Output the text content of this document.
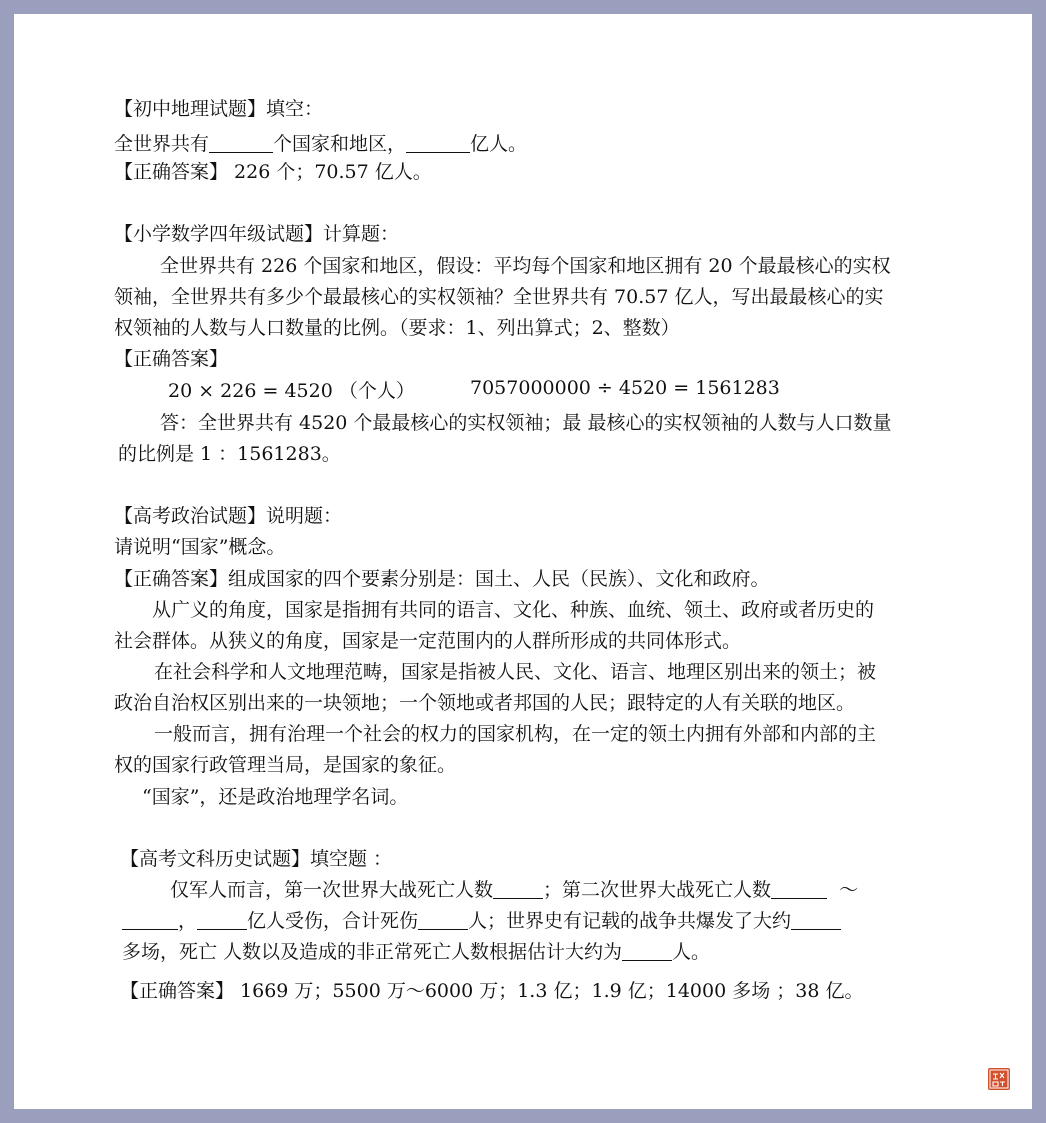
【初中地理试题】填空：
全世界共有	个国家和地区，	亿人。
【正确答案】 226 个；70.57 亿人。
【小学数学四年级试题】计算题：
全世界共有 226 个国家和地区，假设：平均每个国家和地区拥有 20 个最最核心的实权
领袖，全世界共有多少个最最核心的实权领袖？全世界共有 70.57 亿人，写出最最核心的实
权领袖的人数与人口数量的比例。（要求：1、列出算式；2、整数）
【正确答案】
20 × 226 = 4520 （个人）	7057000000 ÷ 4520 = 1561283
答：全世界共有 4520 个最最核心的实权领袖；最 最核心的实权领袖的人数与人口数量
的比例是 1 ：1561283。
【高考政治试题】说明题：
请说明“国家”概念。
【正确答案】组成国家的四个要素分别是：国土、人民（民族）、文化和政府。
从广义的角度，国家是指拥有共同的语言、文化、种族、血统、领土、政府或者历史的
社会群体。从狭义的角度，国家是一定范围内的人群所形成的共同体形式。
在社会科学和人文地理范畴，国家是指被人民、文化、语言、地理区别出来的领土；被
政治自治权区别出来的一块领地；一个领地或者邦国的人民；跟特定的人有关联的地区。
一般而言，拥有治理一个社会的权力的国家机构，在一定的领土内拥有外部和内部的主
权的国家行政管理当局，是国家的象征。
“国家”，还是政治地理学名词。
【高考文科历史试题】填空题 ：
仅军人而言，第一次世界大战死亡人数	；第二次世界大战死亡人数	～
，	亿人受伤，合计死伤	人；世界史有记载的战争共爆发了大约
多场，死亡 人数以及造成的非正常死亡人数根据估计大约为	人。
【正确答案】 1669 万；5500 万～6000 万；1.3 亿；1.9 亿；14000 多场 ；38 亿。
